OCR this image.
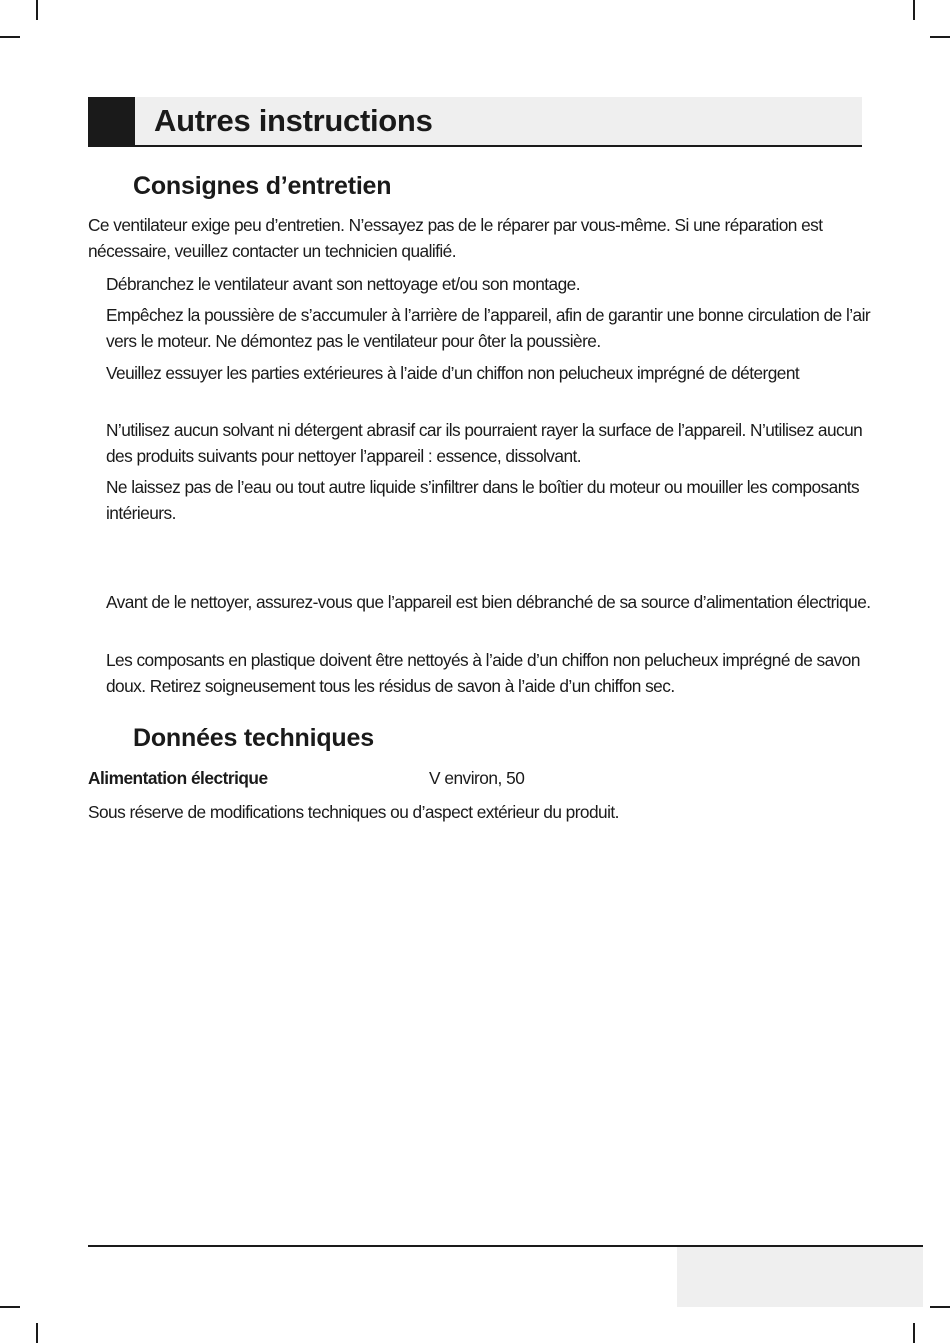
Autres instructions
Consignes d’entretien

Ce ventilateur exige peu d’entretien. N’essayez pas de le réparer par vous-même. Si une réparation est nécessaire, veuillez contacter un technicien qualifié.

Débranchez le ventilateur avant son nettoyage et/ou son montage.

Empêchez la poussière de s’accumuler à l’arrière de l’appareil, afin de garantir une bonne circulation de l’air vers le moteur. Ne démontez pas le ventilateur pour ôter la poussière.

Veuillez essuyer les parties extérieures à l’aide d’un chiffon non pelucheux imprégné de détergent

N’utilisez aucun solvant ni détergent abrasif car ils pourraient rayer la surface de l’appareil. N’utilisez aucun des produits suivants pour nettoyer l’appareil : essence, dissolvant.

Ne laissez pas de l’eau ou tout autre liquide s’infiltrer dans le boîtier du moteur ou mouiller les composants intérieurs.

Avant de le nettoyer, assurez-vous que l’appareil est bien débranché de sa source d’alimentation électrique.

Les composants en plastique doivent être nettoyés à l’aide d’un chiffon non pelucheux imprégné de savon doux. Retirez soigneusement tous les résidus de savon à l’aide d’un chiffon sec.

Données techniques

Alimentation électrique	V environ, 50

Sous réserve de modifications techniques ou d’aspect extérieur du produit.
